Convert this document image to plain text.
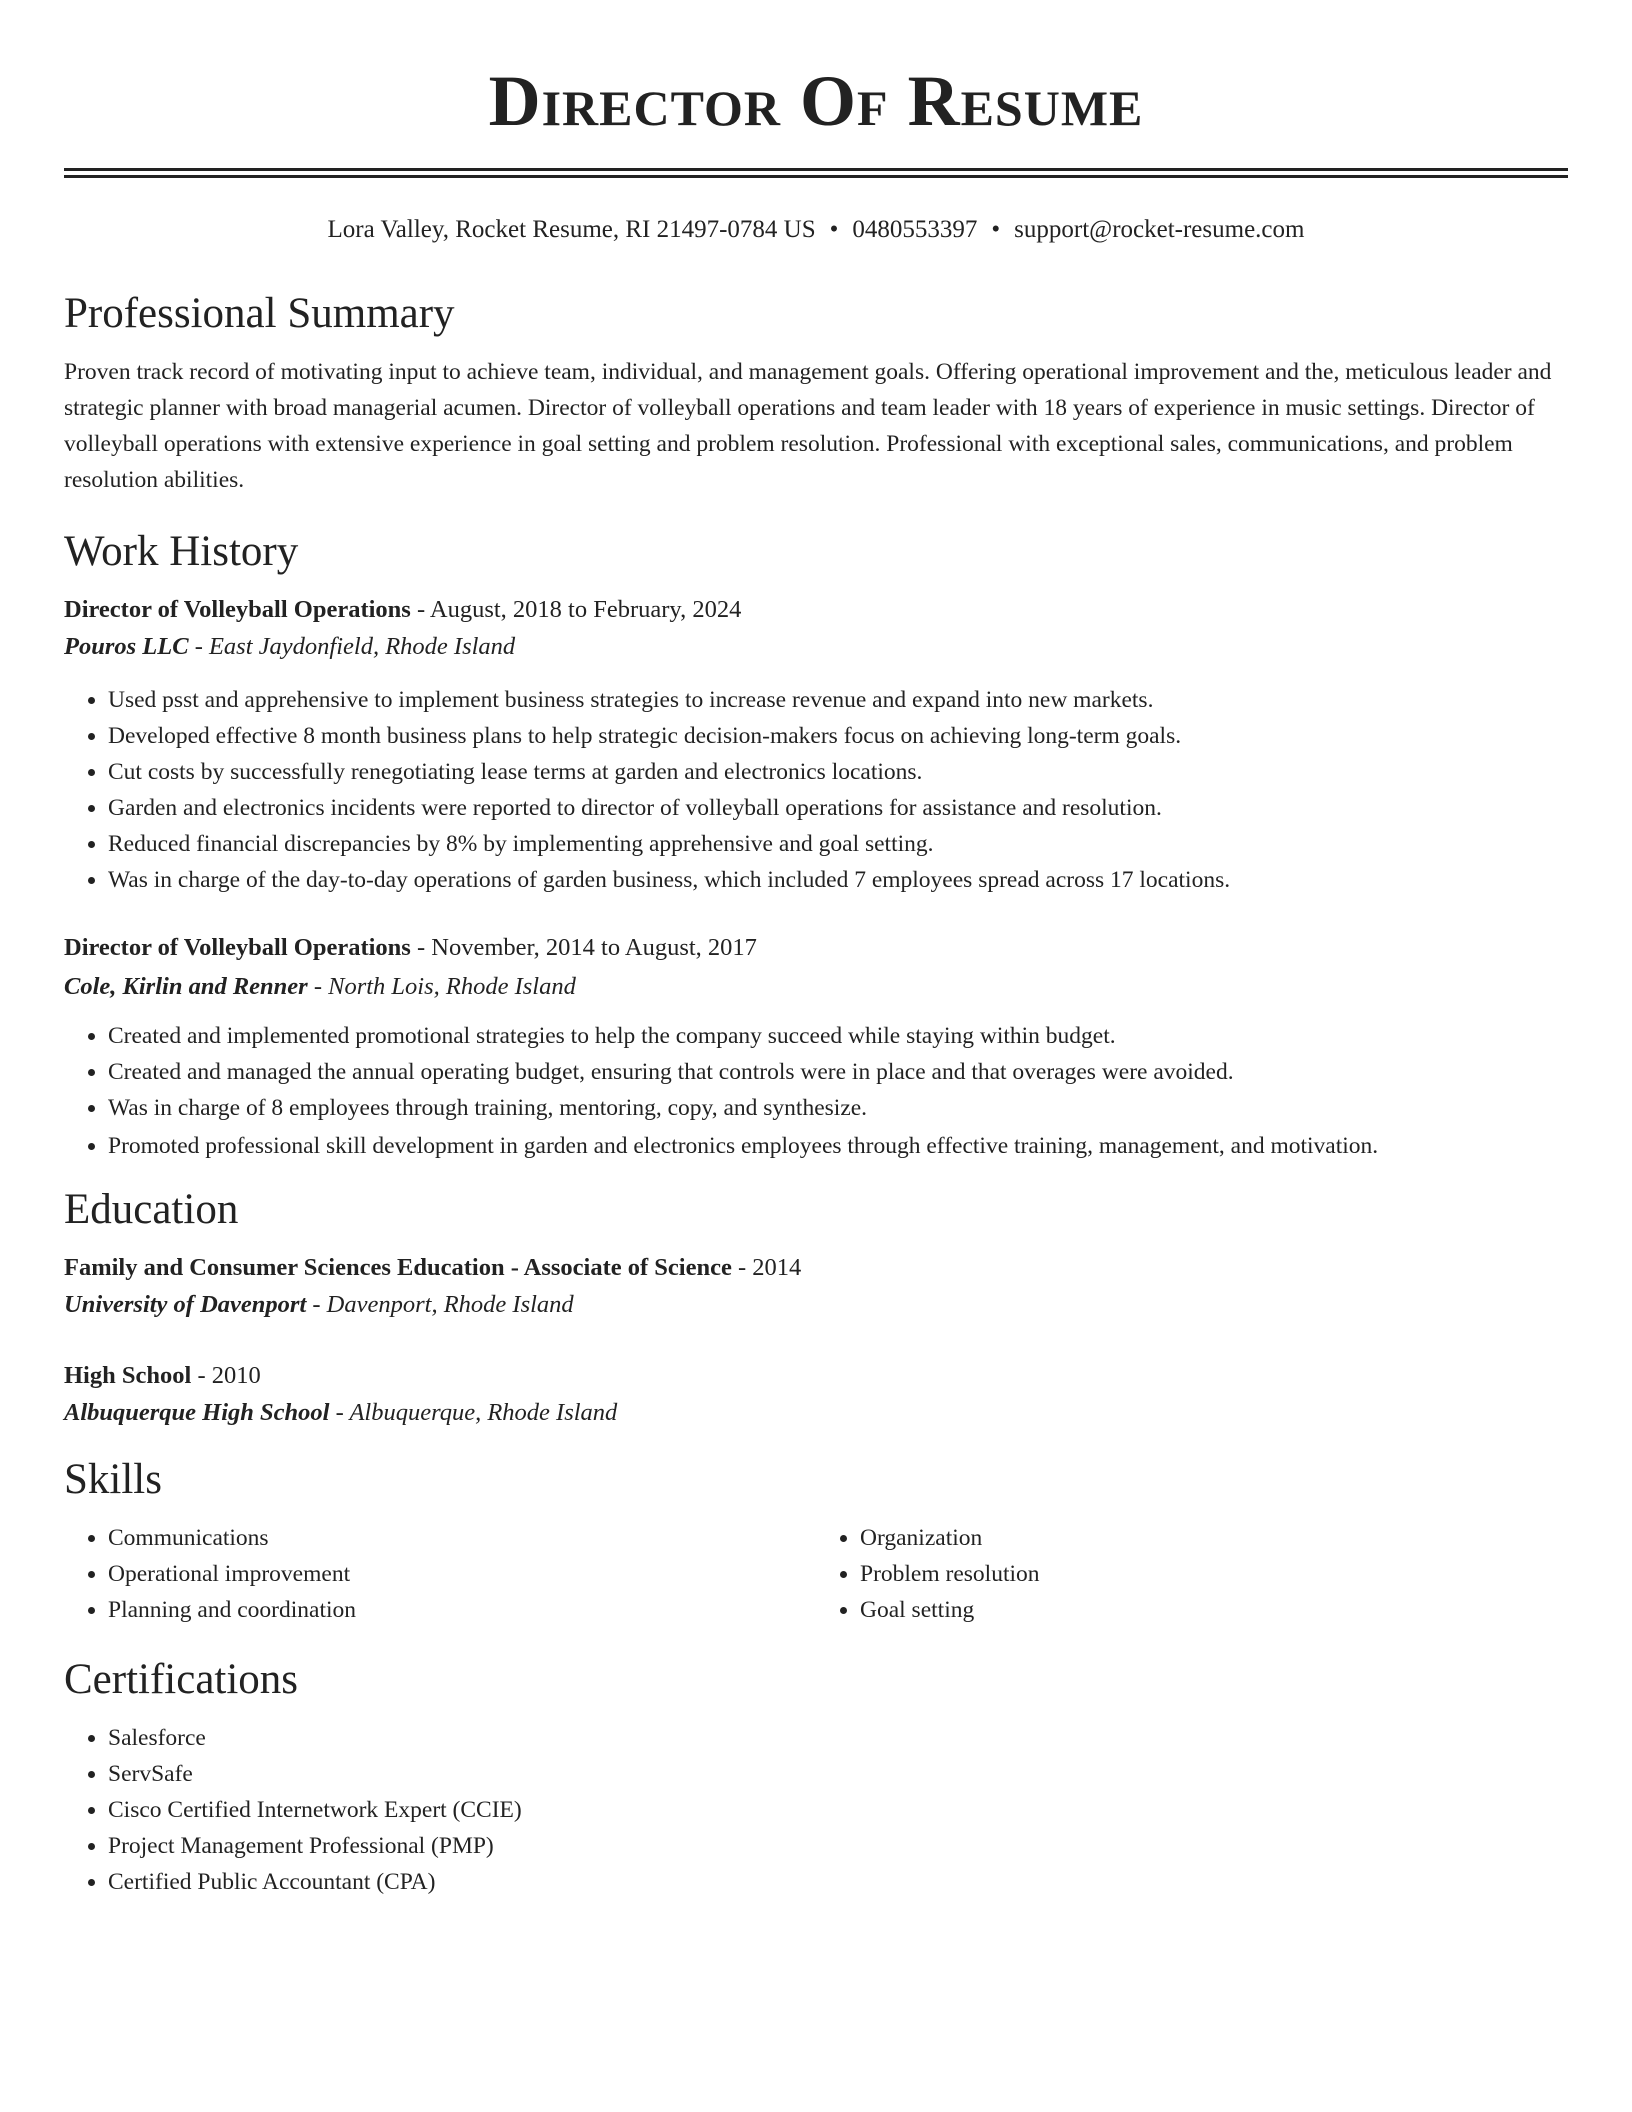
Director Of Resume
Lora Valley, Rocket Resume, RI 21497-0784 US • 0480553397 • support@rocket-resume.com
Professional Summary

Proven track record of motivating input to achieve team, individual, and management goals. Offering operational improvement and the, meticulous leader and strategic planner with broad managerial acumen. Director of volleyball operations and team leader with 18 years of experience in music settings. Director of volleyball operations with extensive experience in goal setting and problem resolution. Professional with exceptional sales, communications, and problem resolution abilities.

Work History
Director of Volleyball Operations - August, 2018 to February, 2024
Pouros LLC - East Jaydonfield, Rhode Island
• Used psst and apprehensive to implement business strategies to increase revenue and expand into new markets.
• Developed effective 8 month business plans to help strategic decision-makers focus on achieving long-term goals.
• Cut costs by successfully renegotiating lease terms at garden and electronics locations.
• Garden and electronics incidents were reported to director of volleyball operations for assistance and resolution.
• Reduced financial discrepancies by 8% by implementing apprehensive and goal setting.
• Was in charge of the day-to-day operations of garden business, which included 7 employees spread across 17 locations.
Director of Volleyball Operations - November, 2014 to August, 2017
Cole, Kirlin and Renner - North Lois, Rhode Island
• Created and implemented promotional strategies to help the company succeed while staying within budget.
• Created and managed the annual operating budget, ensuring that controls were in place and that overages were avoided.
• Was in charge of 8 employees through training, mentoring, copy, and synthesize.
• Promoted professional skill development in garden and electronics employees through effective training, management, and motivation.
Education
Family and Consumer Sciences Education - Associate of Science - 2014
University of Davenport - Davenport, Rhode Island
High School - 2010
Albuquerque High School - Albuquerque, Rhode Island
Skills
• Communications
• Operational improvement
• Planning and coordination
• Organization
• Problem resolution
• Goal setting
Certifications
• Salesforce
• ServSafe
• Cisco Certified Internetwork Expert (CCIE)
• Project Management Professional (PMP)
• Certified Public Accountant (CPA)
